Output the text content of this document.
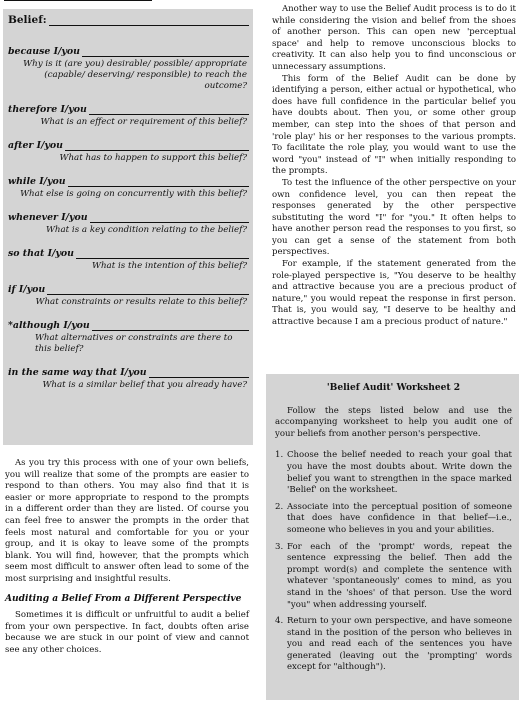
Belief:
because I/you
Why is it (are you) desirable/ possible/ appropriate (capable/ deserving/ responsible) to reach the outcome?
therefore I/you
What is an effect or requirement of this belief?
after I/you
What has to happen to support this belief?
while I/you
What else is going on concurrently with this belief?
whenever I/you
What is a key condition relating to the belief?
so that I/you
What is the intention of this belief?
if I/you
What constraints or results relate to this belief?
*although I/you
What alternatives or constraints are there to this belief?
in the same way that I/you
What is a similar belief that you already have?

As you try this process with one of your own beliefs, you will realize that some of the prompts are easier to respond to than others. You may also find that it is easier or more appropriate to respond to the prompts in a different order than they are listed. Of course you can feel free to answer the prompts in the order that feels most natural and comfortable for you or your group, and it is okay to leave some of the prompts blank. You will find, however, that the prompts which seem most difficult to answer often lead to some of the most surprising and insightful results.

Auditing a Belief From a Different Perspective

Sometimes it is difficult or unfruitful to audit a belief from your own perspective. In fact, doubts often arise because we are stuck in our point of view and cannot see any other choices.

Another way to use the Belief Audit process is to do it while considering the vision and belief from the shoes of another person. This can open new 'perceptual space' and help to remove unconscious blocks to creativity. It can also help you to find unconscious or unnecessary assumptions.

This form of the Belief Audit can be done by identifying a person, either actual or hypothetical, who does have full confidence in the particular belief you have doubts about. Then you, or some other group member, can step into the shoes of that person and 'role play' his or her responses to the various prompts. To facilitate the role play, you would want to use the word "you" instead of "I" when initially responding to the prompts.

To test the influence of the other perspective on your own confidence level, you can then repeat the responses generated by the other perspective substituting the word "I" for "you." It often helps to have another person read the responses to you first, so you can get a sense of the statement from both perspectives.

For example, if the statement generated from the role-played perspective is, "You deserve to be healthy and attractive because you are a precious product of nature," you would repeat the response in first person. That is, you would say, "I deserve to be healthy and attractive because I am a precious product of nature."

'Belief Audit' Worksheet 2

Follow the steps listed below and use the accompanying worksheet to help you audit one of your beliefs from another person's perspective.

1. Choose the belief needed to reach your goal that you have the most doubts about. Write down the belief you want to strengthen in the space marked 'Belief' on the worksheet.
2. Associate into the perceptual position of someone that does have confidence in that belief—i.e., someone who believes in you and your abilities.
3. For each of the 'prompt' words, repeat the sentence expressing the belief. Then add the prompt word(s) and complete the sentence with whatever 'spontaneously' comes to mind, as you stand in the 'shoes' of that person. Use the word "you" when addressing yourself.
4. Return to your own perspective, and have someone stand in the position of the person who believes in you and read each of the sentences you have generated (leaving out the 'prompting' words except for "although").
